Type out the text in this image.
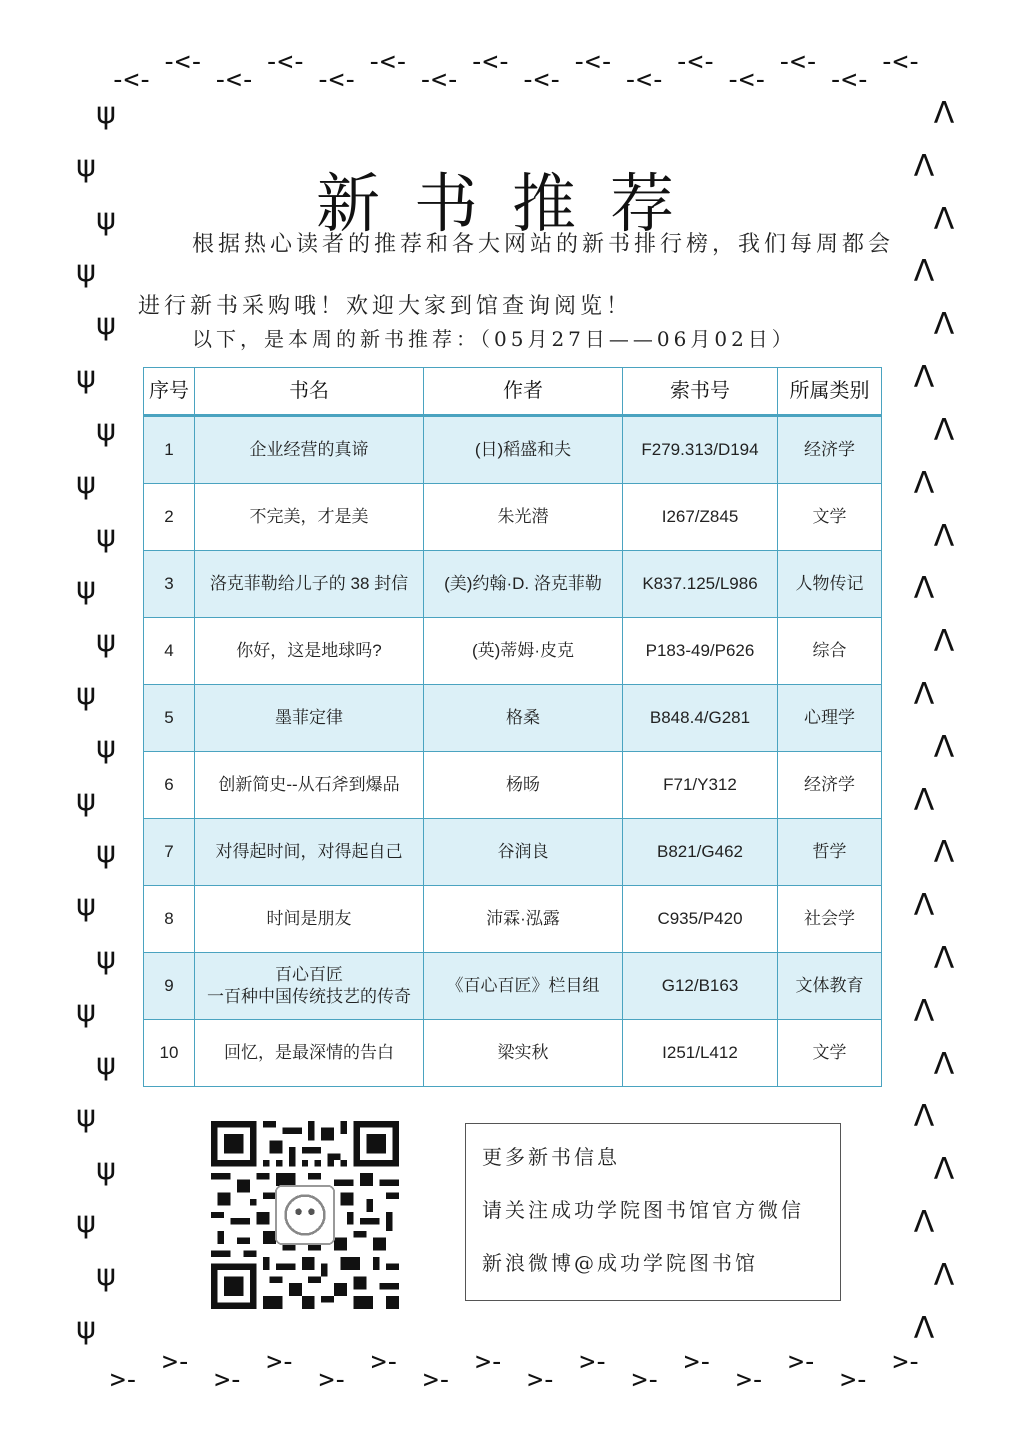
-<-
-<-
-<-
-<-
-<-
-<-
-<-
-<-
-<-
-<-
-<-
-<-
-<-
-<-
-<-
-<-
>-
>-
>-
>-
>-
>-
>-
>-
>-
>-
>-
>-
>-
>-
>-
>-
ψ
ψ
ψ
ψ
ψ
ψ
ψ
ψ
ψ
ψ
ψ
ψ
ψ
ψ
ψ
ψ
ψ
ψ
ψ
ψ
ψ
ψ
ψ
ψ
ᐱ
ᐱ
ᐱ
ᐱ
ᐱ
ᐱ
ᐱ
ᐱ
ᐱ
ᐱ
ᐱ
ᐱ
ᐱ
ᐱ
ᐱ
ᐱ
ᐱ
ᐱ
ᐱ
ᐱ
ᐱ
ᐱ
ᐱ
ᐱ
新书推荐
根据热心读者的推荐和各大网站的新书排行榜，我们每周都会进行新书采购哦！欢迎大家到馆查询阅览！
以下，是本周的新书推荐：（05月27日——06月02日）
序号	书名	作者	索书号	所属类别
1	企业经营的真谛	(日)稻盛和夫	F279.313/D194	经济学
2	不完美，才是美	朱光潜	I267/Z845	文学
3	洛克菲勒给儿子的 38 封信	(美)约翰·D. 洛克菲勒	K837.125/L986	人物传记
4	你好，这是地球吗?	(英)蒂姆·皮克	P183-49/P626	综合
5	墨菲定律	格桑	B848.4/G281	心理学
6	创新简史--从石斧到爆品	杨旸	F71/Y312	经济学
7	对得起时间，对得起自己	谷润良	B821/G462	哲学
8	时间是朋友	沛霖·泓露	C935/P420	社会学
9	百心百匠
一百种中国传统技艺的传奇	《百心百匠》栏目组	G12/B163	文体教育
10	回忆，是最深情的告白	梁实秋	I251/L412	文学
更多新书信息
请关注成功学院图书馆官方微信
新浪微博@成功学院图书馆
